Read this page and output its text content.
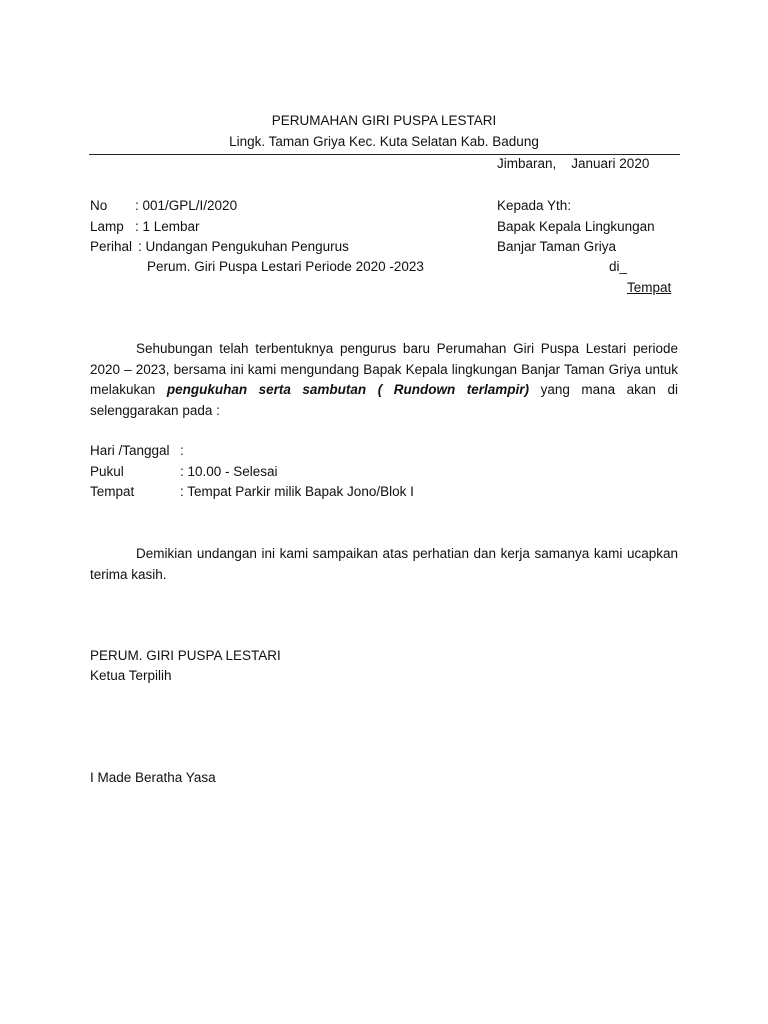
PERUMAHAN GIRI PUSPA LESTARI
Lingk. Taman Griya Kec. Kuta Selatan Kab. Badung
Jimbaran,    Januari 2020
No : 001/GPL/I/2020
Lamp : 1 Lembar
Perihal : Undangan Pengukuhan Pengurus
Perum. Giri Puspa Lestari Periode 2020 -2023
Kepada Yth:
Bapak Kepala Lingkungan
Banjar Taman Griya
di_
Tempat
Sehubungan telah terbentuknya pengurus baru Perumahan Giri Puspa Lestari periode 2020 – 2023, bersama ini kami mengundang Bapak Kepala lingkungan Banjar Taman Griya untuk melakukan pengukuhan serta sambutan ( Rundown terlampir) yang mana akan di selenggarakan pada :
Hari /Tanggal :
Pukul	: 10.00 - Selesai
Tempat	: Tempat Parkir milik Bapak Jono/Blok I
Demikian undangan ini kami sampaikan atas perhatian dan kerja samanya kami ucapkan terima kasih.
PERUM. GIRI PUSPA LESTARI
Ketua Terpilih
I Made Beratha Yasa
